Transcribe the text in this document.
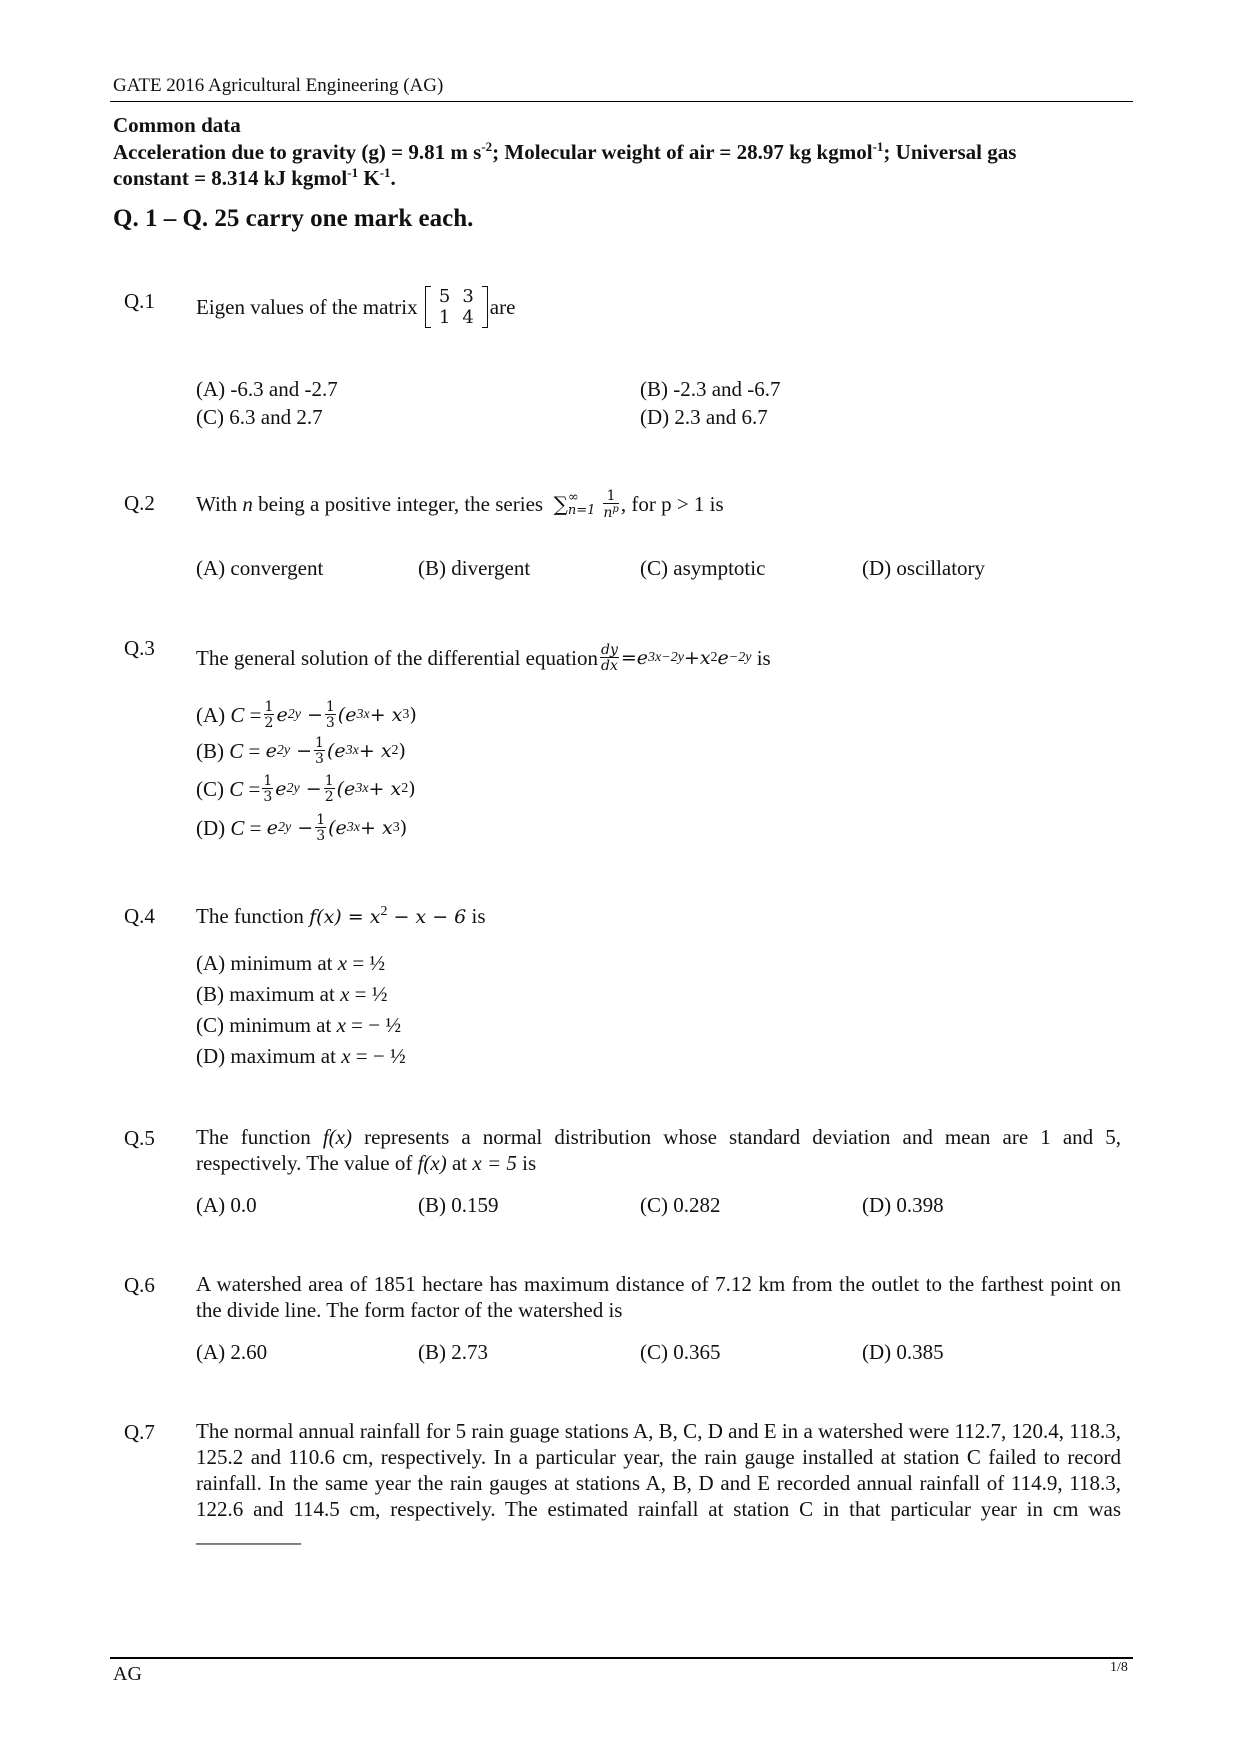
GATE 2016 Agricultural Engineering (AG)
Common data
Acceleration due to gravity (g) = 9.81 m $s^{-2}$; Molecular weight of air = 28.97 kg kgmol$^{-1}$; Universal gas
constant = 8.314 kJ kgmol$^{-1}$ $K^{-1}$.
Q. 1 – Q. 25 carry one mark each.
Q.1 Eigen values of the matrix
5	3
1	4 are
(A) -6.3 and -2.7	(B) -2.3 and -6.7
(C) 6.3 and 2.7	(D) 2.3 and 6.7
Q.2 With
n
being a positive integer, the series
∑ ∞
$n=1 \frac{1}{n^p}$ , for p > 1 is
(A) convergent	(B) divergent	(C) asymptotic	(D) oscillatory
Q.3 The general solution of the differential equation $\frac{dy}{dx} = e$ 3x−2y + x 2 e −2y
is
(A)
C
= $\frac{1}{2}$ e 2y
− $\frac{1}{3} (e$ 3x + x 3 )
(B)
C
=
e 2y
− $\frac{1}{3} (e$ 3x + x 2 )
(C)
C
= $\frac{1}{3}$ e 2y
− $\frac{1}{2} (e$ 3x + x 2 )
(D)
C
=
e 2y
− $\frac{1}{3} (e$ 3x + x 3 )
Q.4 The function $f(x) = x^2 - x - 6$ is
(A) minimum at x = ½
(B) maximum at x = ½
(C) minimum at x = − ½
(D) maximum at x = − ½
Q.5 The function f(x) represents a normal distribution whose standard deviation and mean are 1 and 5, respectively. The value of f(x) at x = 5 is
(A) 0.0	(B) 0.159	(C) 0.282	(D) 0.398
Q.6 A watershed area of 1851 hectare has maximum distance of 7.12 km from the outlet to the farthest point on the divide line. The form factor of the watershed is
(A) 2.60	(B) 2.73	(C) 0.365	(D) 0.385
Q.7 The normal annual rainfall for 5 rain guage stations A, B, C, D and E in a watershed were 112.7, 120.4, 118.3, 125.2 and 110.6 cm, respectively. In a particular year, the rain gauge installed at station C failed to record rainfall. In the same year the rain gauges at stations A, B, D and E recorded annual rainfall of 114.9, 118.3, 122.6 and 114.5 cm, respectively. The estimated rainfall at station C in that particular year in cm was __________
AG	1/8
